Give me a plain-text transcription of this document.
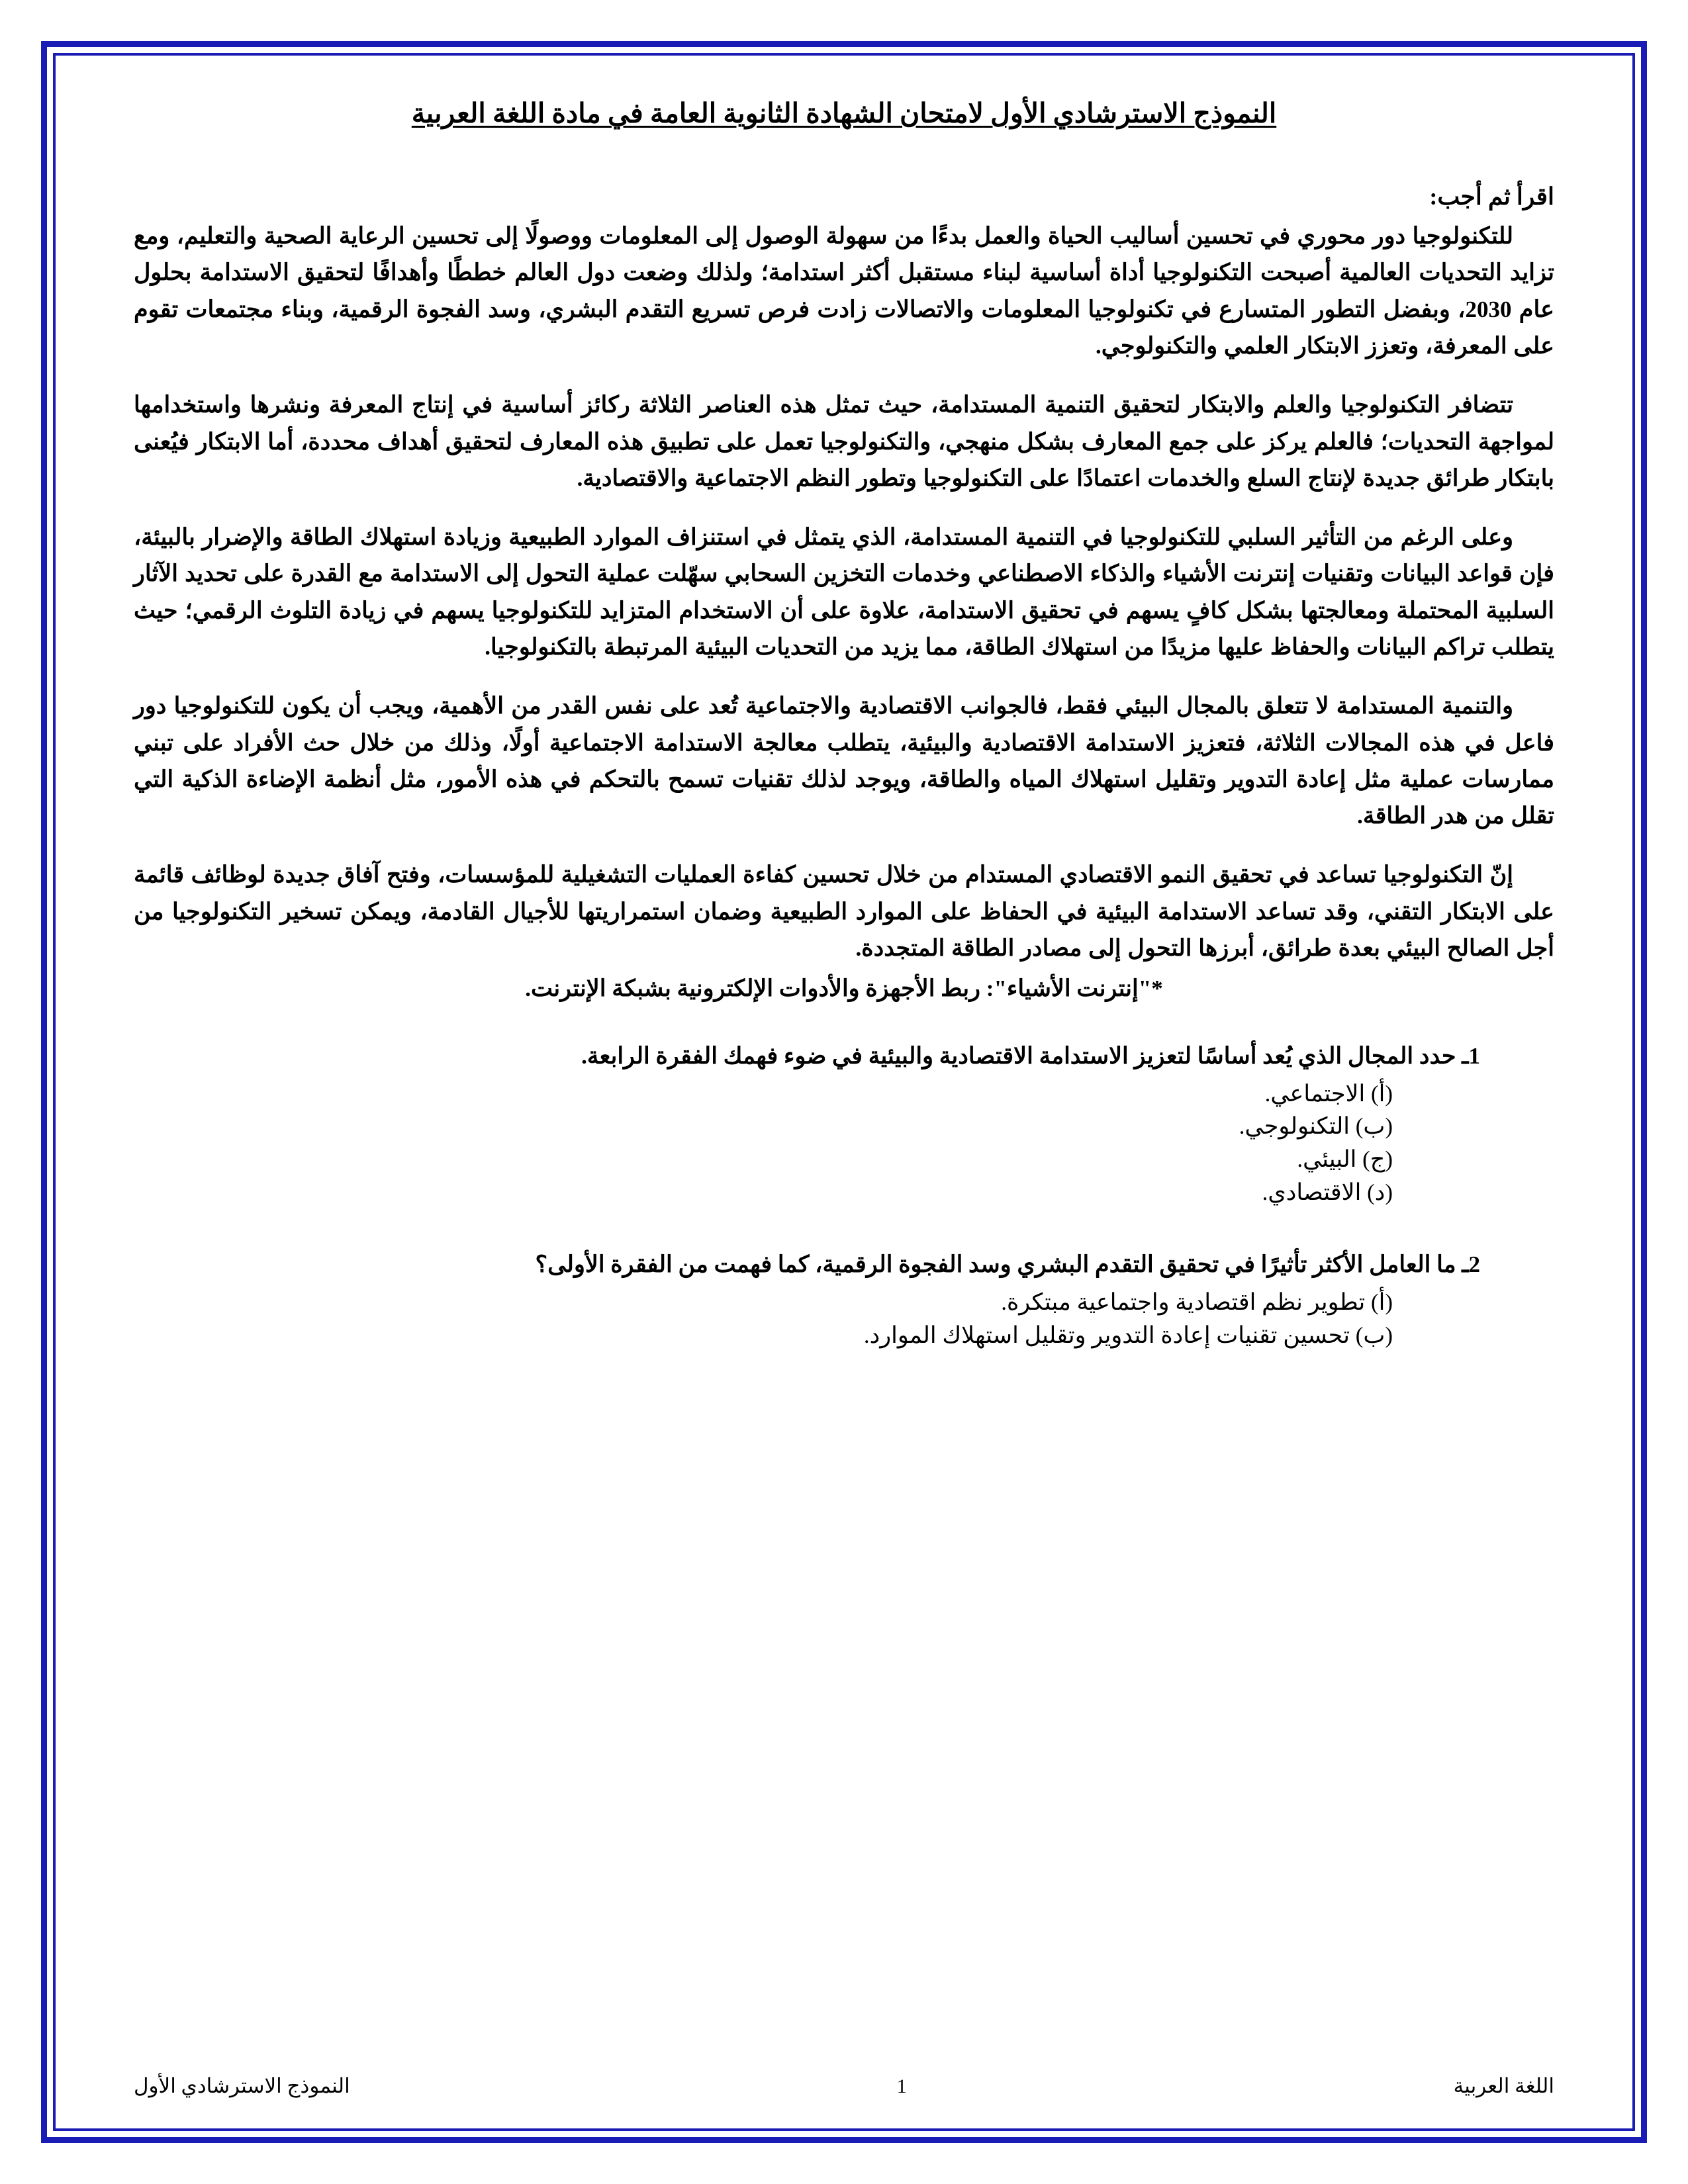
النموذج الاسترشادي الأول لامتحان الشهادة الثانوية العامة في مادة اللغة العربية
اقرأ ثم أجب:

للتكنولوجيا دور محوري في تحسين أساليب الحياة والعمل بدءًا من سهولة الوصول إلى المعلومات ووصولًا إلى تحسين الرعاية الصحية والتعليم، ومع تزايد التحديات العالمية أصبحت التكنولوجيا أداة أساسية لبناء مستقبل أكثر استدامة؛ ولذلك وضعت دول العالم خططًا وأهدافًا لتحقيق الاستدامة بحلول عام 2030، وبفضل التطور المتسارع في تكنولوجيا المعلومات والاتصالات زادت فرص تسريع التقدم البشري، وسد الفجوة الرقمية، وبناء مجتمعات تقوم على المعرفة، وتعزز الابتكار العلمي والتكنولوجي.

تتضافر التكنولوجيا والعلم والابتكار لتحقيق التنمية المستدامة، حيث تمثل هذه العناصر الثلاثة ركائز أساسية في إنتاج المعرفة ونشرها واستخدامها لمواجهة التحديات؛ فالعلم يركز على جمع المعارف بشكل منهجي، والتكنولوجيا تعمل على تطبيق هذه المعارف لتحقيق أهداف محددة، أما الابتكار فيُعنى بابتكار طرائق جديدة لإنتاج السلع والخدمات اعتمادًا على التكنولوجيا وتطور النظم الاجتماعية والاقتصادية.

وعلى الرغم من التأثير السلبي للتكنولوجيا في التنمية المستدامة، الذي يتمثل في استنزاف الموارد الطبيعية وزيادة استهلاك الطاقة والإضرار بالبيئة، فإن قواعد البيانات وتقنيات إنترنت الأشياء والذكاء الاصطناعي وخدمات التخزين السحابي سهّلت عملية التحول إلى الاستدامة مع القدرة على تحديد الآثار السلبية المحتملة ومعالجتها بشكل كافٍ يسهم في تحقيق الاستدامة، علاوة على أن الاستخدام المتزايد للتكنولوجيا يسهم في زيادة التلوث الرقمي؛ حيث يتطلب تراكم البيانات والحفاظ عليها مزيدًا من استهلاك الطاقة، مما يزيد من التحديات البيئية المرتبطة بالتكنولوجيا.

والتنمية المستدامة لا تتعلق بالمجال البيئي فقط، فالجوانب الاقتصادية والاجتماعية تُعد على نفس القدر من الأهمية، ويجب أن يكون للتكنولوجيا دور فاعل في هذه المجالات الثلاثة، فتعزيز الاستدامة الاقتصادية والبيئية، يتطلب معالجة الاستدامة الاجتماعية أولًا، وذلك من خلال حث الأفراد على تبني ممارسات عملية مثل إعادة التدوير وتقليل استهلاك المياه والطاقة، ويوجد لذلك تقنيات تسمح بالتحكم في هذه الأمور، مثل أنظمة الإضاءة الذكية التي تقلل من هدر الطاقة.

إنّ التكنولوجيا تساعد في تحقيق النمو الاقتصادي المستدام من خلال تحسين كفاءة العمليات التشغيلية للمؤسسات، وفتح آفاق جديدة لوظائف قائمة على الابتكار التقني، وقد تساعد الاستدامة البيئية في الحفاظ على الموارد الطبيعية وضمان استمراريتها للأجيال القادمة، ويمكن تسخير التكنولوجيا من أجل الصالح البيئي بعدة طرائق، أبرزها التحول إلى مصادر الطاقة المتجددة.

*"إنترنت الأشياء": ربط الأجهزة والأدوات الإلكترونية بشبكة الإنترنت.

1ـ حدد المجال الذي يُعد أساسًا لتعزيز الاستدامة الاقتصادية والبيئية في ضوء فهمك الفقرة الرابعة.

(أ) الاجتماعي.
(ب) التكنولوجي.
(ج) البيئي.
(د) الاقتصادي.

2ـ ما العامل الأكثر تأثيرًا في تحقيق التقدم البشري وسد الفجوة الرقمية، كما فهمت من الفقرة الأولى؟

(أ) تطوير نظم اقتصادية واجتماعية مبتكرة.
(ب) تحسين تقنيات إعادة التدوير وتقليل استهلاك الموارد.
اللغة العربية
1
النموذج الاسترشادي الأول
